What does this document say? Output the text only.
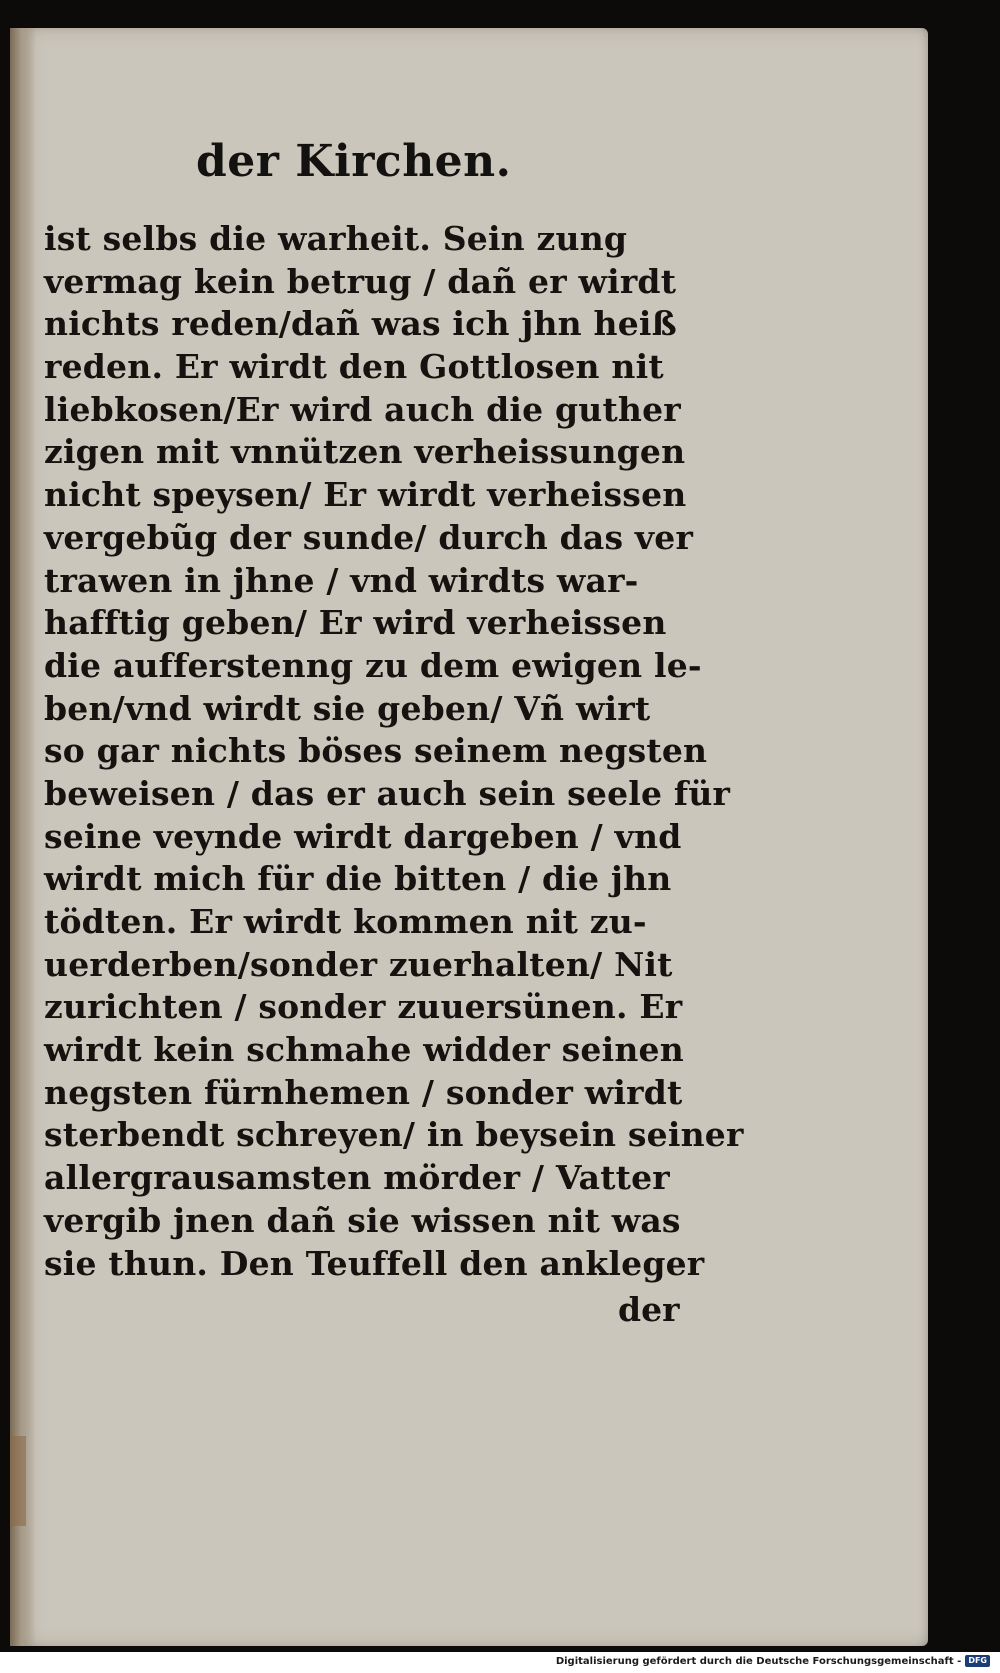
der Kirchen.
ist selbs die warheit. Sein zung
vermag kein betrug / dañ er wirdt
nichts reden/dañ was ich jhn heiß
reden. Er wirdt den Gottlosen nit
liebkosen/Er wird auch die guther
zigen mit vnnützen verheissungen
nicht speysen/ Er wirdt verheissen
vergebũg der sunde/ durch das ver
trawen in jhne / vnd wirdts war-
hafftig geben/ Er wird verheissen
die aufferstenng zu dem ewigen le-
ben/vnd wirdt sie geben/ Vñ wirt
so gar nichts böses seinem negsten
beweisen / das er auch sein seele für
seine veynde wirdt dargeben / vnd
wirdt mich für die bitten / die jhn
tödten. Er wirdt kommen nit zu-
uerderben/sonder zuerhalten/ Nit
zurichten / sonder zuuersünen. Er
wirdt kein schmahe widder seinen
negsten fürnhemen / sonder wirdt
sterbendt schreyen/ in beysein seiner
allergrausamsten mörder / Vatter
vergib jnen dañ sie wissen nit was
sie thun. Den Teuffell den ankleger
der
Digitalisierung gefördert durch die Deutsche Forschungsgemeinschaft - DFG
